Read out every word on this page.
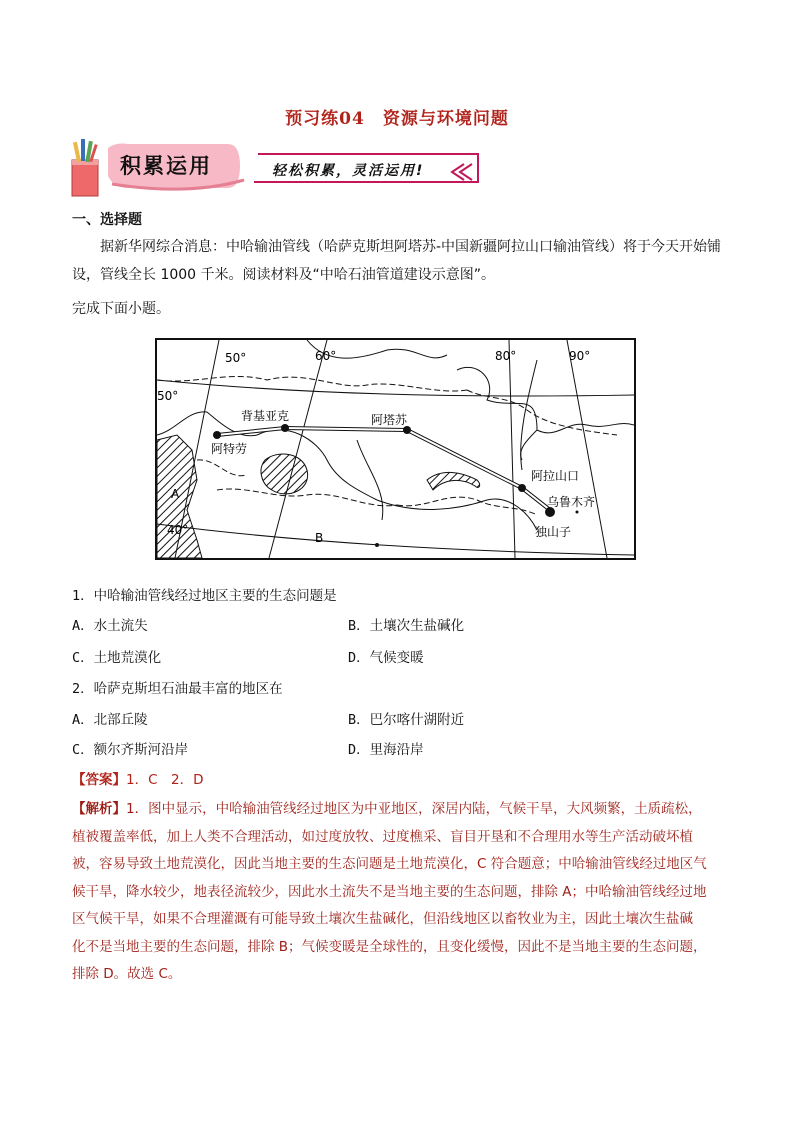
预习练04　资源与环境问题
积累运用	轻松积累，灵活运用!
一、选择题
据新华网综合消息：中哈输油管线（哈萨克斯坦阿塔苏-中国新疆阿拉山口输油管线）将于今天开始铺
设，管线全长 1000 千米。阅读材料及“中哈石油管道建设示意图”。
完成下面小题。
50°	60°	80°	90°
50°
40°
背基亚克
阿特劳
阿塔苏
阿拉山口
乌鲁木齐
独山子
A
B
1．中哈输油管线经过地区主要的生态问题是
A．水土流失	B．土壤次生盐碱化
C．土地荒漠化	D．气候变暖
2．哈萨克斯坦石油最丰富的地区在
A．北部丘陵	B．巴尔喀什湖附近
C．额尔齐斯河沿岸	D．里海沿岸
【答案】1．C　2．D
【解析】1．图中显示，中哈输油管线经过地区为中亚地区，深居内陆，气候干旱，大风频繁，土质疏松，
植被覆盖率低，加上人类不合理活动，如过度放牧、过度樵采、盲目开垦和不合理用水等生产活动破坏植
被，容易导致土地荒漠化，因此当地主要的生态问题是土地荒漠化，C 符合题意；中哈输油管线经过地区气
候干旱，降水较少，地表径流较少，因此水土流失不是当地主要的生态问题，排除 A；中哈输油管线经过地
区气候干旱，如果不合理灌溉有可能导致土壤次生盐碱化，但沿线地区以畜牧业为主，因此土壤次生盐碱
化不是当地主要的生态问题，排除 B；气候变暖是全球性的，且变化缓慢，因此不是当地主要的生态问题，
排除 D。故选 C。
